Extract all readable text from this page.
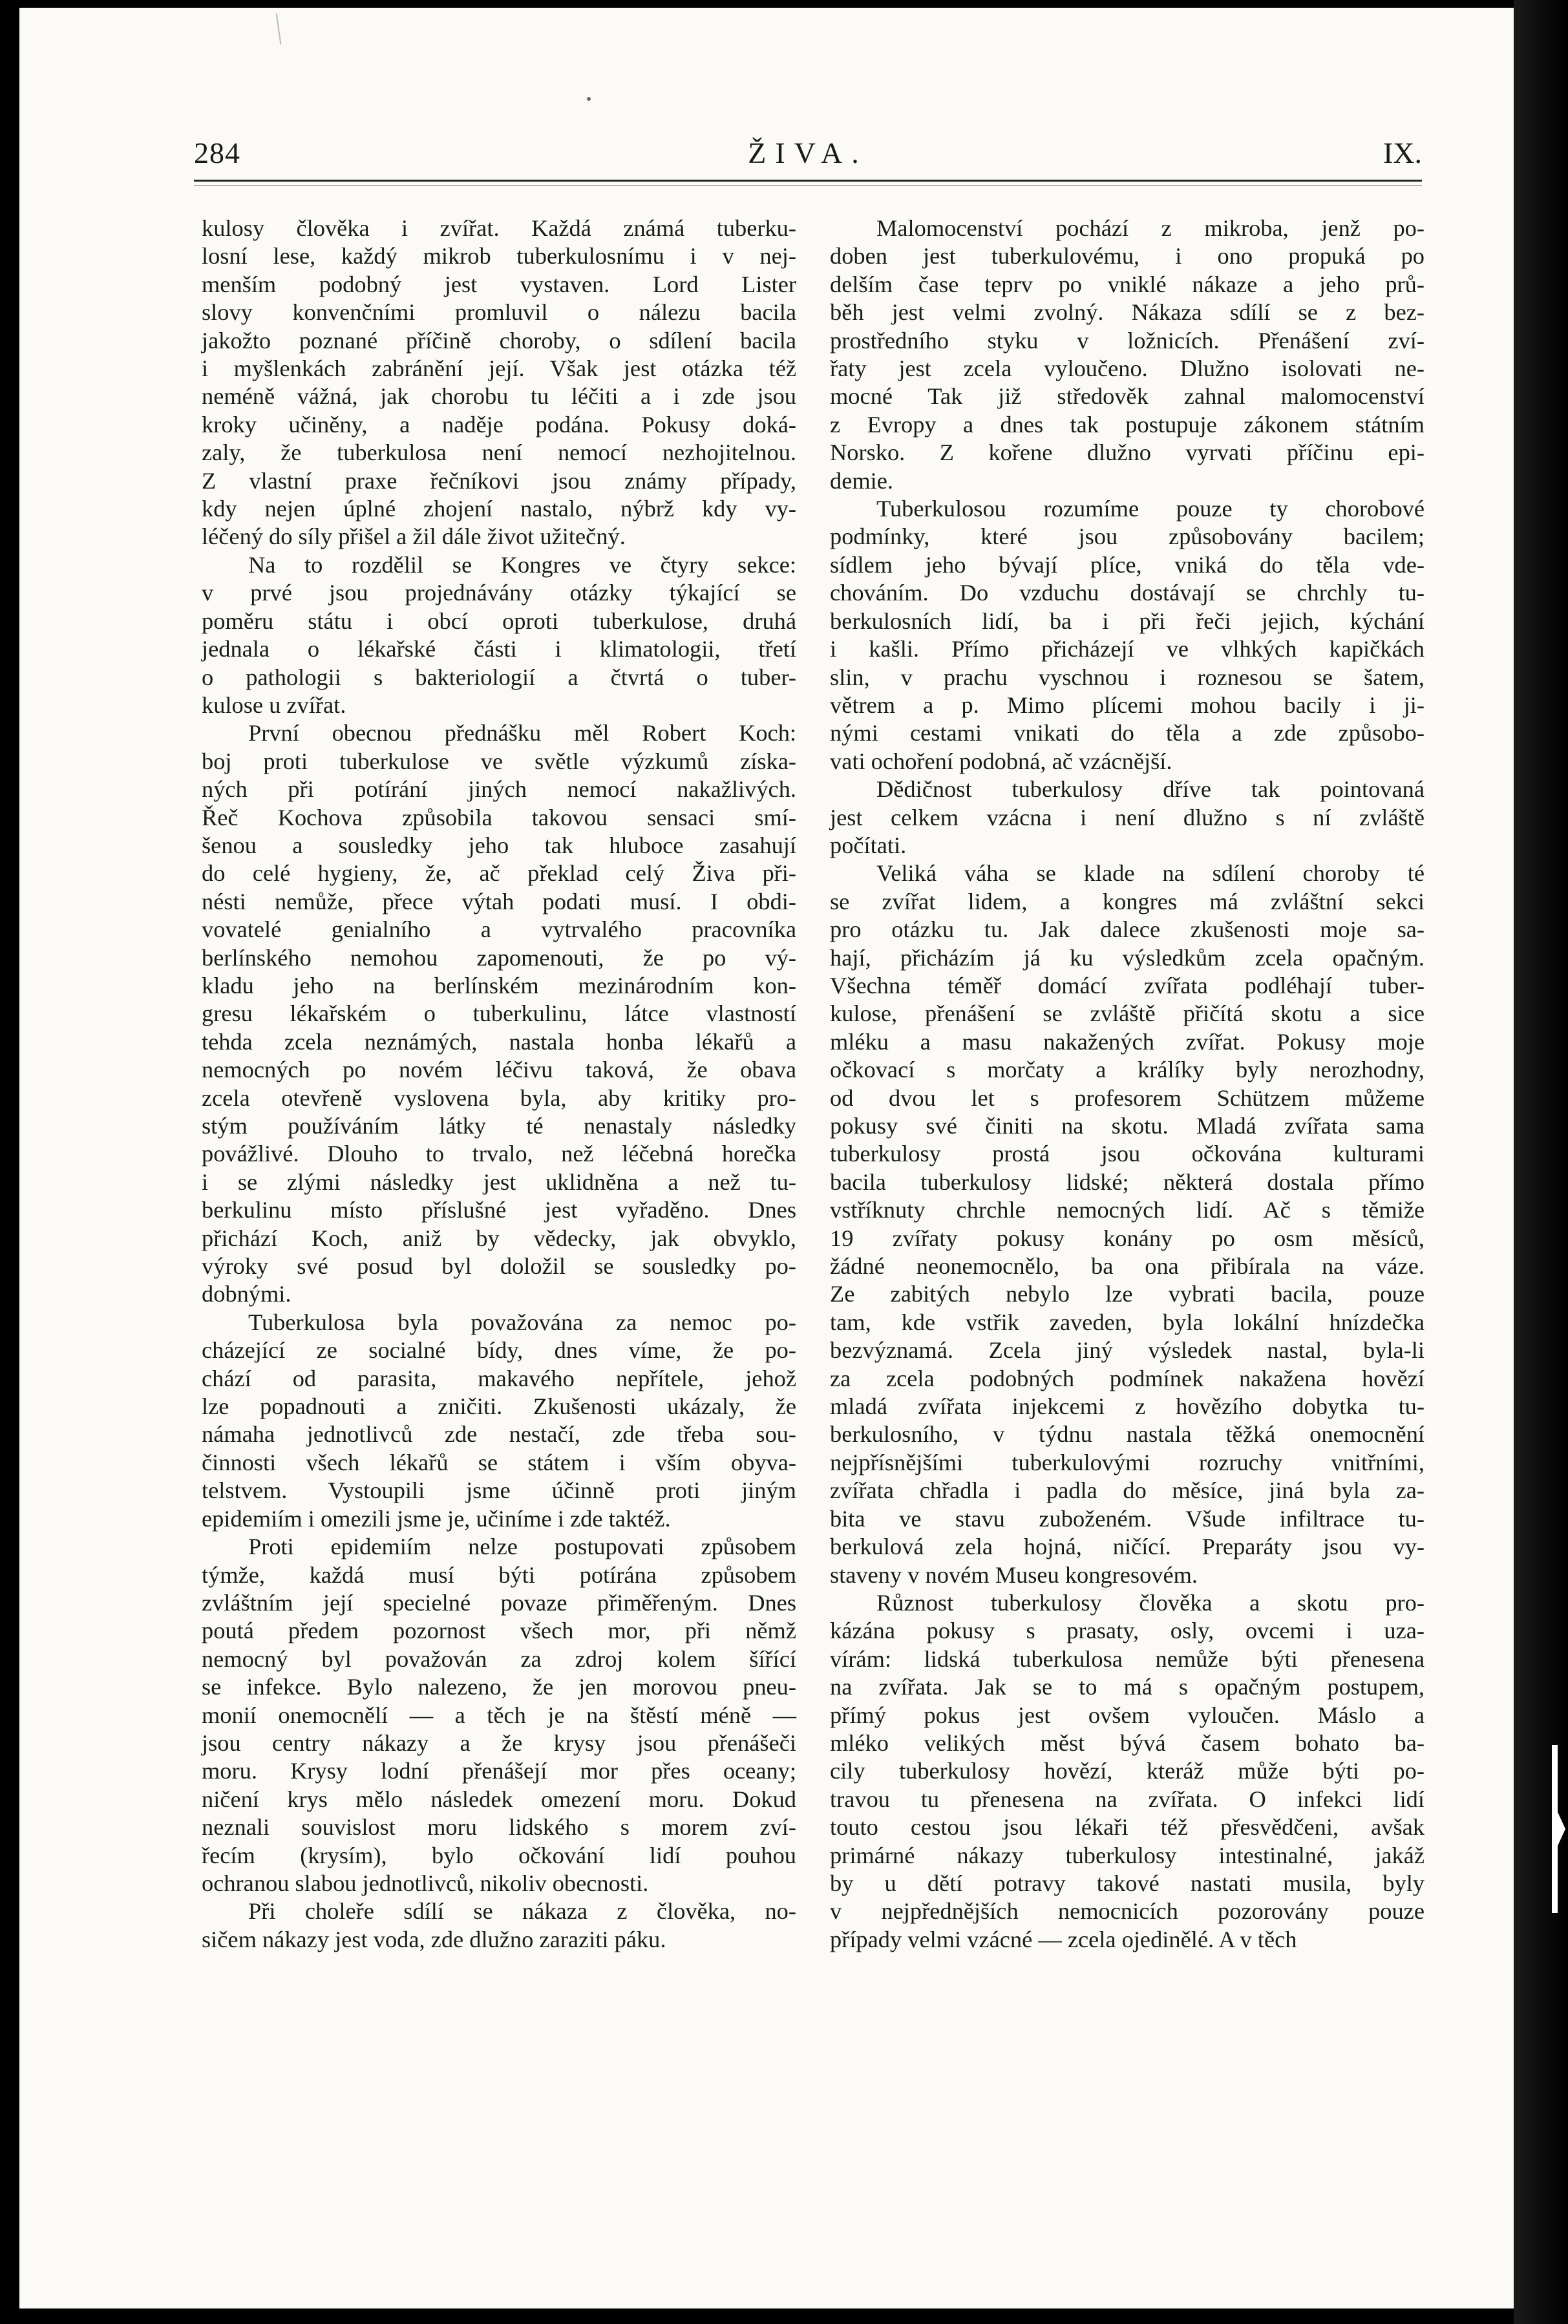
284	ŽIVA.	IX.

kulosy člověka i zvířat. Každá známá tuberku-
losní lese, každý mikrob tuberkulosnímu i v nej-
menším podobný jest vystaven. Lord Lister
slovy konvenčními promluvil o nálezu bacila
jakožto poznané příčině choroby, o sdílení bacila
i myšlenkách zabránění její. Však jest otázka též
neméně vážná, jak chorobu tu léčiti a i zde jsou
kroky učiněny, a naděje podána. Pokusy doká-
zaly, že tuberkulosa není nemocí nezhojitelnou.
Z vlastní praxe řečníkovi jsou známy případy,
kdy nejen úplné zhojení nastalo, nýbrž kdy vy-
léčený do síly přišel a žil dále život užitečný.

Na to rozdělil se Kongres ve čtyry sekce:
v prvé jsou projednávány otázky týkající se
poměru státu i obcí oproti tuberkulose, druhá
jednala o lékařské části i klimatologii, třetí
o pathologii s bakteriologií a čtvrtá o tuber-
kulose u zvířat.

První obecnou přednášku měl Robert Koch:
boj proti tuberkulose ve světle výzkumů získa-
ných při potírání jiných nemocí nakažlivých.
Řeč Kochova způsobila takovou sensaci smí-
šenou a sousledky jeho tak hluboce zasahují
do celé hygieny, že, ač překlad celý Živa při-
nésti nemůže, přece výtah podati musí. I obdi-
vovatelé genialního a vytrvalého pracovníka
berlínského nemohou zapomenouti, že po vý-
kladu jeho na berlínském mezinárodním kon-
gresu lékařském o tuberkulinu, látce vlastností
tehda zcela neznámých, nastala honba lékařů a
nemocných po novém léčivu taková, že obava
zcela otevřeně vyslovena byla, aby kritiky pro-
stým používáním látky té nenastaly následky
povážlivé. Dlouho to trvalo, než léčebná horečka
i se zlými následky jest uklidněna a než tu-
berkulinu místo příslušné jest vyřaděno. Dnes
přichází Koch, aniž by vědecky, jak obvyklo,
výroky své posud byl doložil se sousledky po-
dobnými.

Tuberkulosa byla považována za nemoc po-
cházející ze socialné bídy, dnes víme, že po-
chází od parasita, makavého nepřítele, jehož
lze popadnouti a zničiti. Zkušenosti ukázaly, že
námaha jednotlivců zde nestačí, zde třeba sou-
činnosti všech lékařů se státem i vším obyva-
telstvem. Vystoupili jsme účinně proti jiným
epidemiím i omezili jsme je, učiníme i zde taktéž.

Proti epidemiím nelze postupovati způsobem
týmže, každá musí býti potírána způsobem
zvláštním její specielné povaze přiměřeným. Dnes
poutá předem pozornost všech mor, při němž
nemocný byl považován za zdroj kolem šířící
se infekce. Bylo nalezeno, že jen morovou pneu-
monií onemocnělí — a těch je na štěstí méně —
jsou centry nákazy a že krysy jsou přenášeči
moru. Krysy lodní přenášejí mor přes oceany;
ničení krys mělo následek omezení moru. Dokud
neznali souvislost moru lidského s morem zví-
řecím (krysím), bylo očkování lidí pouhou
ochranou slabou jednotlivců, nikoliv obecnosti.

Při choleře sdílí se nákaza z člověka, no-
sičem nákazy jest voda, zde dlužno zaraziti páku.

Malomocenství pochází z mikroba, jenž po-
doben jest tuberkulovému, i ono propuká po
delším čase teprv po vniklé nákaze a jeho prů-
běh jest velmi zvolný. Nákaza sdílí se z bez-
prostředního styku v ložnicích. Přenášení zví-
řaty jest zcela vyloučeno. Dlužno isolovati ne-
mocné Tak již středověk zahnal malomocenství
z Evropy a dnes tak postupuje zákonem státním
Norsko. Z kořene dlužno vyrvati příčinu epi-
demie.

Tuberkulosou rozumíme pouze ty chorobové
podmínky, které jsou způsobovány bacilem;
sídlem jeho bývají plíce, vniká do těla vde-
chováním. Do vzduchu dostávají se chrchly tu-
berkulosních lidí, ba i při řeči jejich, kýchání
i kašli. Přímo přicházejí ve vlhkých kapičkách
slin, v prachu vyschnou i roznesou se šatem,
větrem a p. Mimo plícemi mohou bacily i ji-
nými cestami vnikati do těla a zde způsobo-
vati ochoření podobná, ač vzácnější.

Dědičnost tuberkulosy dříve tak pointovaná
jest celkem vzácna i není dlužno s ní zvláště
počítati.

Veliká váha se klade na sdílení choroby té
se zvířat lidem, a kongres má zvláštní sekci
pro otázku tu. Jak dalece zkušenosti moje sa-
hají, přicházím já ku výsledkům zcela opačným.
Všechna téměř domácí zvířata podléhají tuber-
kulose, přenášení se zvláště přičítá skotu a sice
mléku a masu nakažených zvířat. Pokusy moje
očkovací s morčaty a králíky byly nerozhodny,
od dvou let s profesorem Schützem můžeme
pokusy své činiti na skotu. Mladá zvířata sama
tuberkulosy prostá jsou očkována kulturami
bacila tuberkulosy lidské; některá dostala přímo
vstříknuty chrchle nemocných lidí. Ač s těmiže
19 zvířaty pokusy konány po osm měsíců,
žádné neonemocnělo, ba ona přibírala na váze.
Ze zabitých nebylo lze vybrati bacila, pouze
tam, kde vstřik zaveden, byla lokální hnízdečka
bezvýznamá. Zcela jiný výsledek nastal, byla-li
za zcela podobných podmínek nakažena hovězí
mladá zvířata injekcemi z hovězího dobytka tu-
berkulosního, v týdnu nastala těžká onemocnění
nejpřísnějšími tuberkulovými rozruchy vnitřními,
zvířata chřadla i padla do měsíce, jiná byla za-
bita ve stavu zuboženém. Všude infiltrace tu-
berkulová zela hojná, ničící. Preparáty jsou vy-
staveny v novém Museu kongresovém.

Různost tuberkulosy člověka a skotu pro-
kázána pokusy s prasaty, osly, ovcemi i uza-
vírám: lidská tuberkulosa nemůže býti přenesena
na zvířata. Jak se to má s opačným postupem,
přímý pokus jest ovšem vyloučen. Máslo a
mléko velikých měst bývá časem bohato ba-
cily tuberkulosy hovězí, kteráž může býti po-
travou tu přenesena na zvířata. O infekci lidí
touto cestou jsou lékaři též přesvědčeni, avšak
primárné nákazy tuberkulosy intestinalné, jakáž
by u dětí potravy takové nastati musila, byly
v nejpřednějších nemocnicích pozorovány pouze
případy velmi vzácné — zcela ojedinělé. A v těch
